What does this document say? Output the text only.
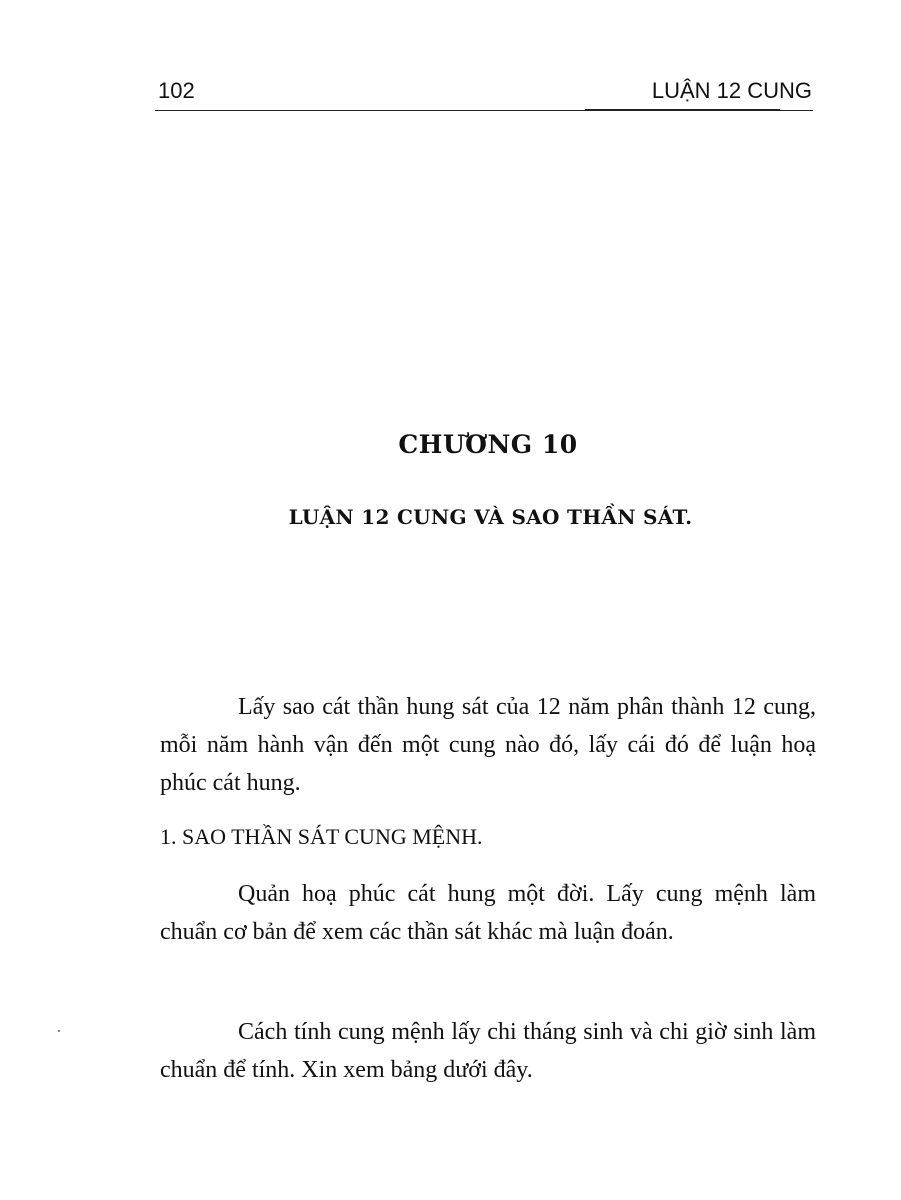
102	LUẬN 12 CUNG
CHƯƠNG 10
LUẬN 12 CUNG VÀ SAO THẦN SÁT.
Lấy sao cát thần hung sát của 12 năm phân thành 12 cung, mỗi năm hành vận đến một cung nào đó, lấy cái đó để luận hoạ phúc cát hung.
1. SAO THẦN SÁT CUNG MỆNH.
Quản hoạ phúc cát hung một đời. Lấy cung mệnh làm chuẩn cơ bản để xem các thần sát khác mà luận đoán.
Cách tính cung mệnh lấy chi tháng sinh và chi giờ sinh làm chuẩn để tính. Xin xem bảng dưới đây.
